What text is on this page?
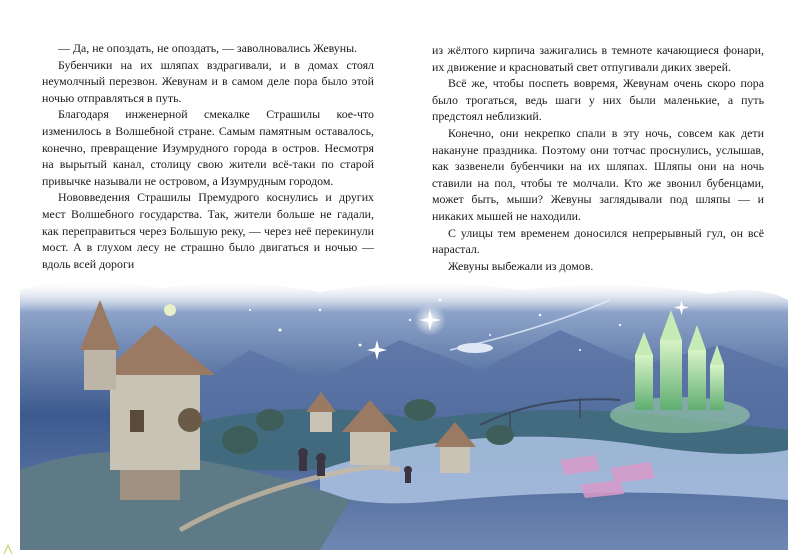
— Да, не опоздать, не опоздать, — заволновались Жевуны.

Бубенчики на их шляпах вздрагивали, и в домах стоял неумолчный перезвон. Жевунам и в самом деле пора было этой ночью отправляться в путь.

Благодаря инженерной смекалке Страшилы кое-что изменилось в Волшебной стране. Самым памятным оставалось, конечно, превращение Изумрудного города в остров. Несмотря на вырытый канал, столицу свою жители всё-таки по старой привычке называли не островом, а Изумрудным городом.

Нововведения Страшилы Премудрого коснулись и других мест Волшебного государства. Так, жители больше не гадали, как переправиться через Большую реку, — через неё перекинули мост. А в глухом лесу не страшно было двигаться и ночью — вдоль всей дороги

из жёлтого кирпича зажигались в темноте качающиеся фонари, их движение и красноватый свет отпугивали диких зверей.

Всё же, чтобы поспеть вовремя, Жевунам очень скоро пора было трогаться, ведь шаги у них были маленькие, а путь предстоял неблизкий.

Конечно, они некрепко спали в эту ночь, совсем как дети накануне праздника. Поэтому они тотчас проснулись, услышав, как зазвенели бубенчики на их шляпах. Шляпы они на ночь ставили на пол, чтобы те молчали. Кто же звонил бубенцами, может быть, мыши? Жевуны заглядывали под шляпы — и никаких мышей не находили.

С улицы тем временем доносился непрерывный гул, он всё нарастал.

Жевуны выбежали из домов.
